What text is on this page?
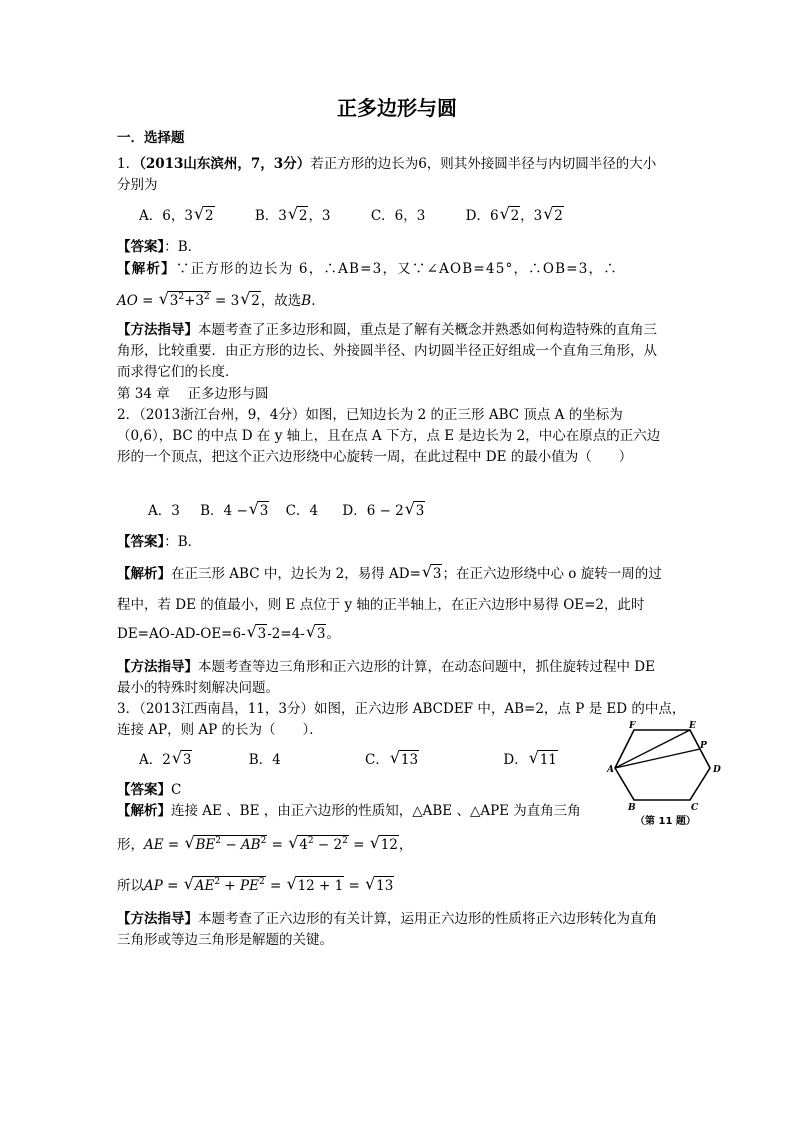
正多边形与圆
一．选择题
1．（2013山东滨州，7，3分）若正方形的边长为6，则其外接圆半径与内切圆半径的大小
分别为
A．6，3√ 2	B．3√ 2，3	C．6，3	D．6√ 2，3√ 2
【答案】：B．
【解析】∵正方形的边长为 6，∴AB=3，又∵∠AOB=45°，∴OB=3，∴
AO = √ $3^2+3^2 = 3√$ 2，故选B.
【方法指导】本题考查了正多边形和圆，重点是了解有关概念并熟悉如何构造特殊的直角三
角形，比较重要．由正方形的边长、外接圆半径、内切圆半径正好组成一个直角三角形，从
而求得它们的长度．
第 34 章　 正多边形与圆
2．（2013浙江台州，9，4分）如图，已知边长为 2 的正三形 ABC 顶点 A 的坐标为
（0,6），BC 的中点 D 在 y 轴上，且在点 A 下方，点 E 是边长为 2，中心在原点的正六边
形的一个顶点，把这个正六边形绕中心旋转一周，在此过程中 DE 的最小值为（　　）
A．3 B．4 −√ 3 C．4 D．6 − 2√ 3
【答案】：B．
【解析】在正三形 ABC 中，边长为 2，易得 AD=√ 3；在正六边形绕中心 o 旋转一周的过
程中，若 DE 的值最小，则 E 点位于 y 轴的正半轴上，在正六边形中易得 OE=2，此时
DE=AO-AD-OE=6-√ 3-2=4-√ 3。
【方法指导】本题考查等边三角形和正六边形的计算，在动态问题中，抓住旋转过程中 DE
最小的特殊时刻解决问题。
3．（2013江西南昌，11，3分）如图，正六边形 ABCDEF 中，AB=2，点 P 是 ED 的中点，
连接 AP，则 AP 的长为（　　）．
A．2√ 3	B．4	C．√ 13	D．√ 11
【答案】C
【解析】连接 AE 、BE ，由正六边形的性质知，△ABE 、△APE 为直角三角
形，AE = √ $BE^2 - AB^2$ = √ $4^2 - 2^2$ = √ 12，
所以AP = √ $AE^2 + PE^2$ = √ 12 + 1 = √ 13
【方法指导】本题考查了正六边形的有关计算，运用正六边形的性质将正六边形转化为直角
三角形或等边三角形是解题的关键。
F	E
P
D
C
B
A
（第 11 题）
